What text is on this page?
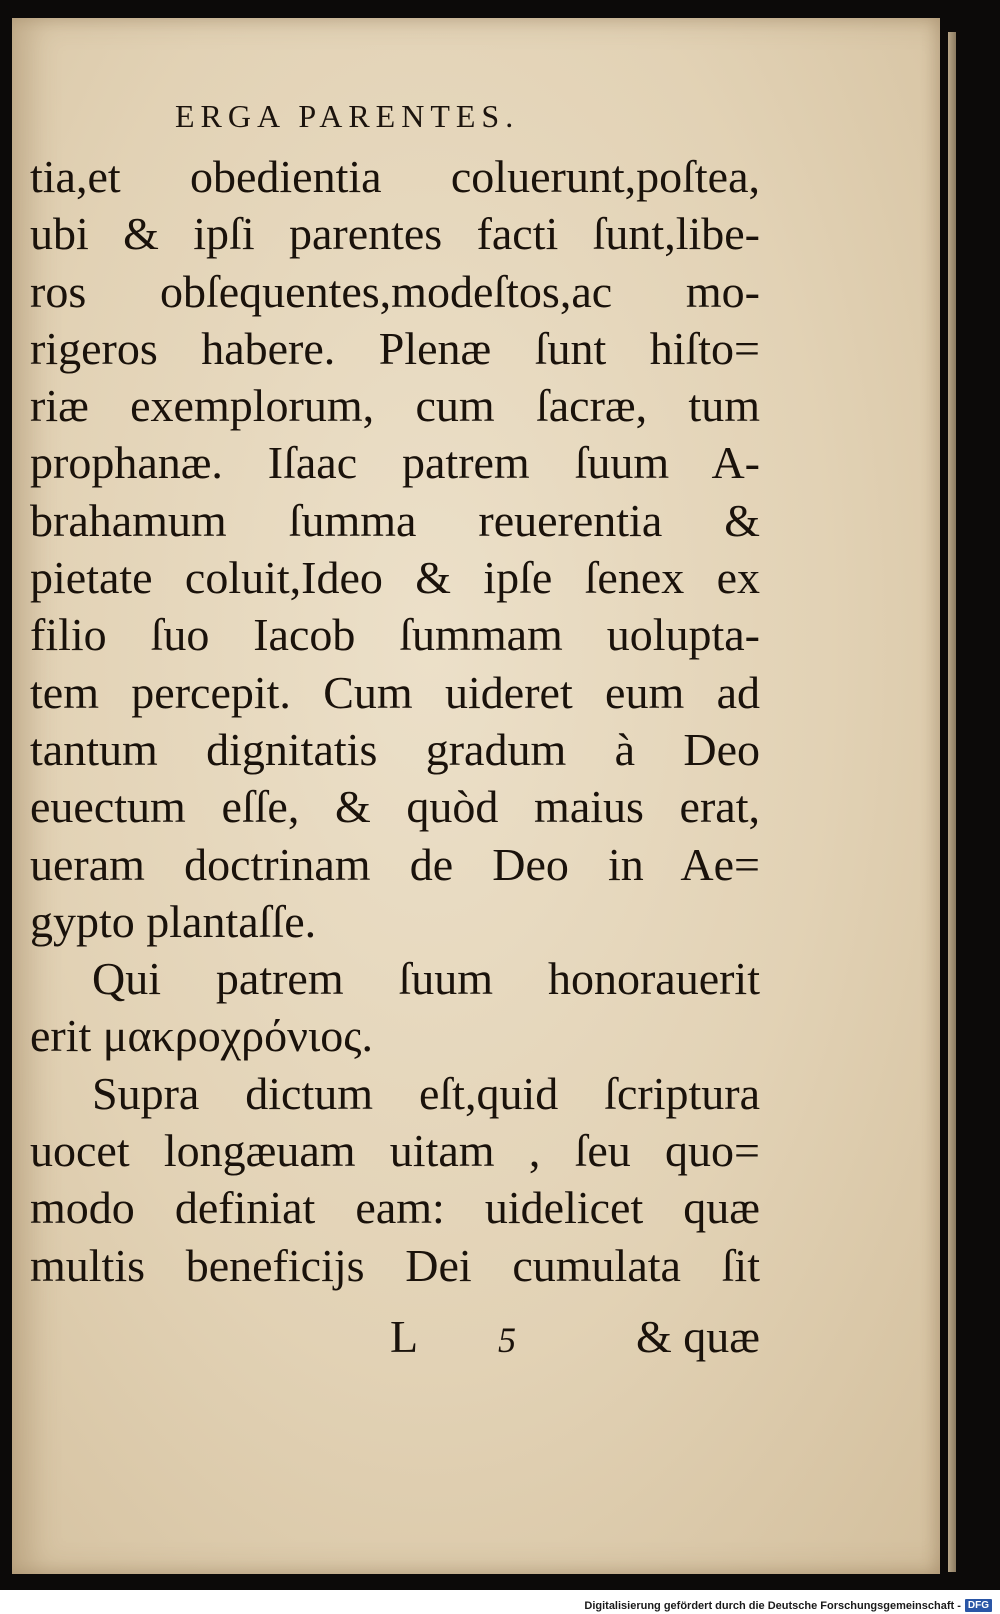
ERGA PARENTES.
tia,et obedientia coluerunt,poſtea,
ubi & ipſi parentes facti ſunt,libe-
ros obſequentes,modeſtos,ac mo-
rigeros habere. Plenæ ſunt hiſto=
riæ exemplorum, cum ſacræ, tum
prophanæ. Iſaac patrem ſuum A-
brahamum ſumma reuerentia &
pietate coluit,Ideo & ipſe ſenex ex
filio ſuo Iacob ſummam uolupta-
tem percepit. Cum uideret eum ad
tantum dignitatis gradum à Deo
euectum eſſe, & quòd maius erat,
ueram doctrinam de Deo in Ae=
gypto plantaſſe.
Qui patrem ſuum honorauerit
erit μακροχρόνιος.
Supra dictum eſt,quid ſcriptura
uocet longæuam uitam , ſeu quo=
modo definiat eam: uidelicet quæ
multis beneficijs Dei cumulata ſit
L 5	& quæ
Digitalisierung gefördert durch die Deutsche Forschungsgemeinschaft - DFG
